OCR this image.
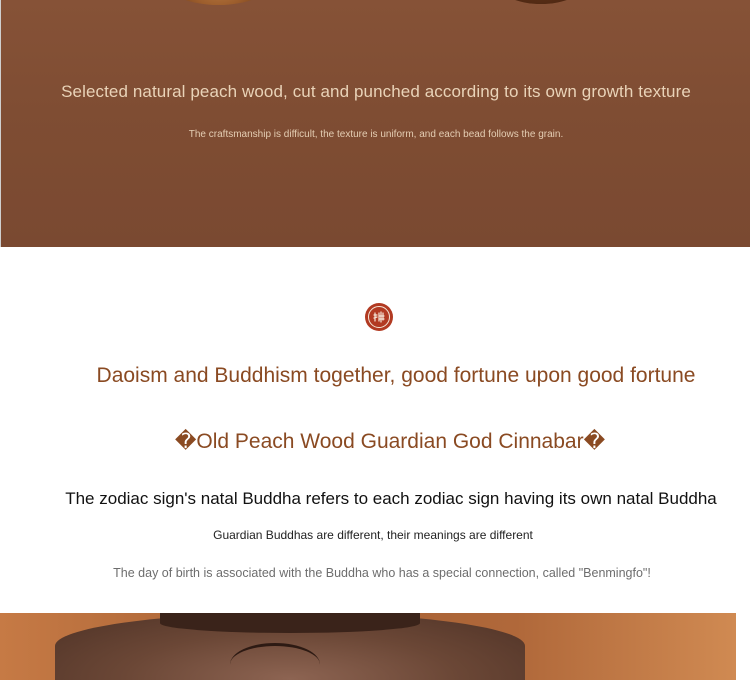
Selected natural peach wood, cut and punched according to its own growth texture
The craftsmanship is difficult, the texture is uniform, and each bead follows the grain.
Daoism and Buddhism together, good fortune upon good fortune
�Old Peach Wood Guardian God Cinnabar�
The zodiac sign's natal Buddha refers to each zodiac sign having its own natal Buddha
Guardian Buddhas are different, their meanings are different
The day of birth is associated with the Buddha who has a special connection, called "Benmingfo"!
